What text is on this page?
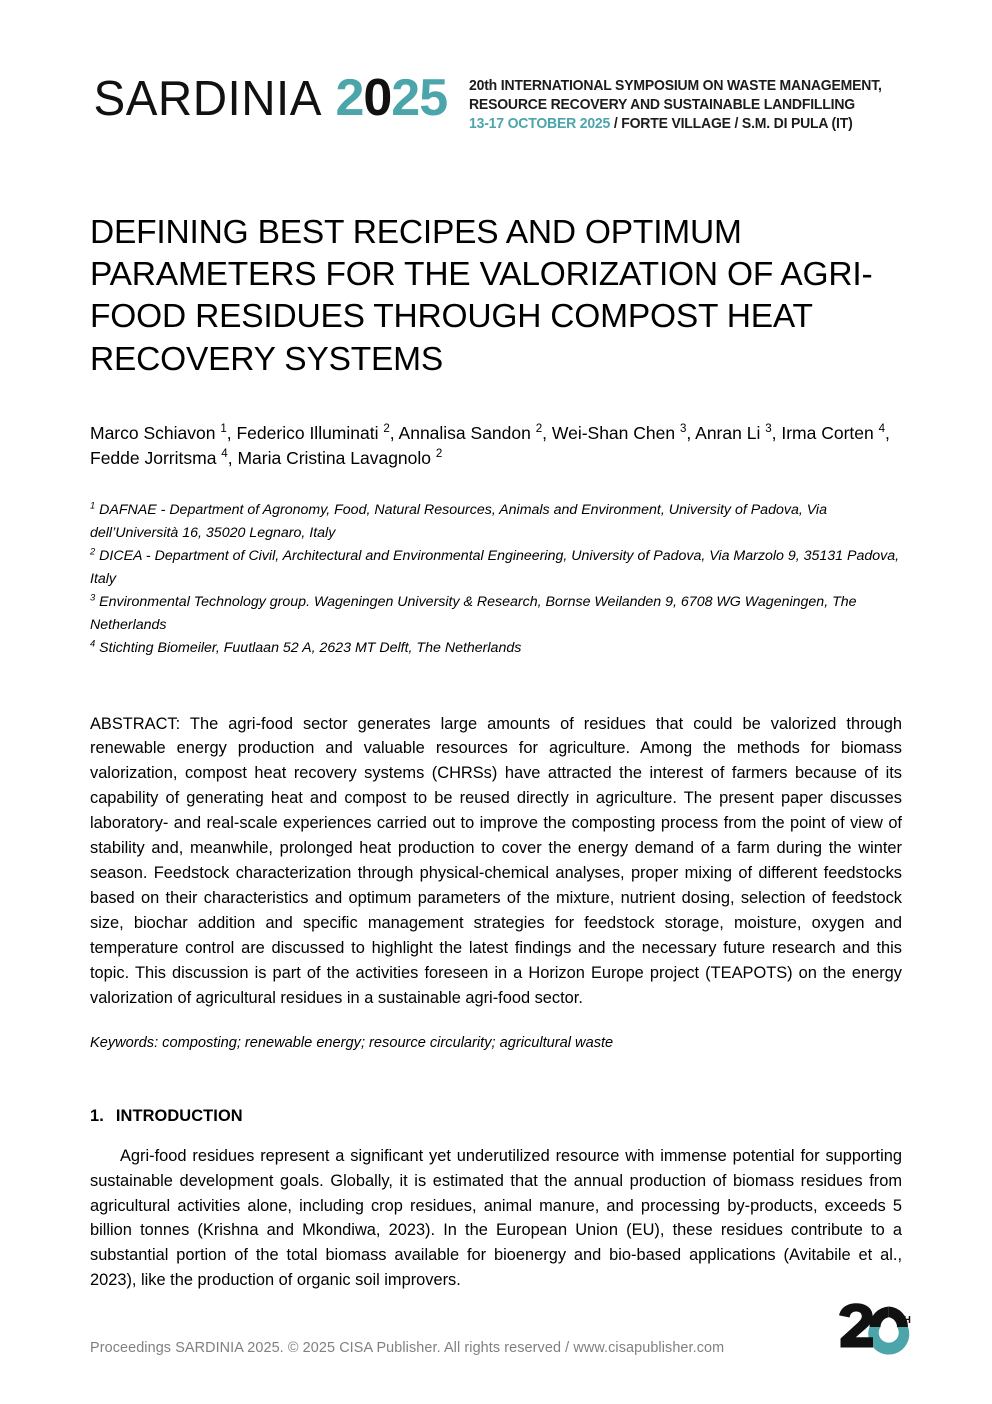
SARDINIA 2025 20th INTERNATIONAL SYMPOSIUM ON WASTE MANAGEMENT,
RESOURCE RECOVERY AND SUSTAINABLE LANDFILLING
13-17 OCTOBER 2025 / FORTE VILLAGE / S.M. DI PULA (IT)
DEFINING BEST RECIPES AND OPTIMUM PARAMETERS FOR THE VALORIZATION OF AGRI-FOOD RESIDUES THROUGH COMPOST HEAT RECOVERY SYSTEMS
Marco Schiavon $^1$, Federico Illuminati $^2$, Annalisa Sandon $^2$, Wei-Shan Chen $^3$, Anran Li $^3$, Irma Corten $^4$, Fedde Jorritsma $^4$, Maria Cristina Lavagnolo $^2$

$^1$ DAFNAE - Department of Agronomy, Food, Natural Resources, Animals and Environment, University of Padova, Via dell’Università 16, 35020 Legnaro, Italy

$^2$ DICEA - Department of Civil, Architectural and Environmental Engineering, University of Padova, Via Marzolo 9, 35131 Padova, Italy

$^3$ Environmental Technology group. Wageningen University & Research, Bornse Weilanden 9, 6708 WG Wageningen, The Netherlands

$^4$ Stichting Biomeiler, Fuutlaan 52 A, 2623 MT Delft, The Netherlands

ABSTRACT: The agri-food sector generates large amounts of residues that could be valorized through renewable energy production and valuable resources for agriculture. Among the methods for biomass valorization, compost heat recovery systems (CHRSs) have attracted the interest of farmers because of its capability of generating heat and compost to be reused directly in agriculture. The present paper discusses laboratory- and real-scale experiences carried out to improve the composting process from the point of view of stability and, meanwhile, prolonged heat production to cover the energy demand of a farm during the winter season. Feedstock characterization through physical-chemical analyses, proper mixing of different feedstocks based on their characteristics and optimum parameters of the mixture, nutrient dosing, selection of feedstock size, biochar addition and specific management strategies for feedstock storage, moisture, oxygen and temperature control are discussed to highlight the latest findings and the necessary future research and this topic. This discussion is part of the activities foreseen in a Horizon Europe project (TEAPOTS) on the energy valorization of agricultural residues in a sustainable agri-food sector.
Keywords: composting; renewable energy; resource circularity; agricultural waste
1. INTRODUCTION

Agri-food residues represent a significant yet underutilized resource with immense potential for supporting sustainable development goals. Globally, it is estimated that the annual production of biomass residues from agricultural activities alone, including crop residues, animal manure, and processing by-products, exceeds 5 billion tonnes (Krishna and Mkondiwa, 2023). In the European Union (EU), these residues contribute to a substantial portion of the total biomass available for bioenergy and bio-based applications (Avitabile et al., 2023), like the production of organic soil improvers.

Proceedings SARDINIA 2025. © 2025 CISA Publisher. All rights reserved / www.cisapublisher.com
TH
